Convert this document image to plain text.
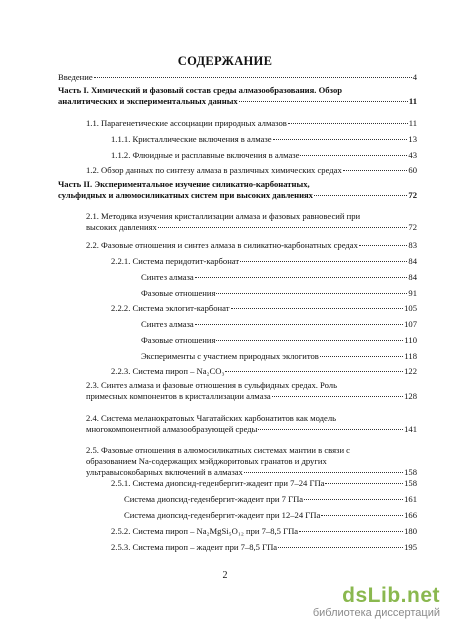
СОДЕРЖАНИЕ
Введение	4
Часть I. Химический и фазовый состав среды алмазообразования. Обзор
аналитических и экспериментальных данных	11
1.1. Парагенетические ассоциации природных алмазов	11
1.1.1. Кристаллические включения в алмазе	13
1.1.2. Флюидные и расплавные включения в алмазе	43
1.2. Обзор данных по синтезу алмаза в различных химических средах	60
Часть II. Экспериментальное изучение силикатно-карбонатных,
сульфидных и алюмосиликатных систем при высоких давлениях	72
2.1. Методика изучения кристаллизации алмаза и фазовых равновесий при
высоких давлениях	72
2.2. Фазовые отношения и синтез алмаза в силикатно-карбонатных средах	83
2.2.1. Система перидотит-карбонат	84
Синтез алмаза	84
Фазовые отношения	91
2.2.2. Система эклогит-карбонат	105
Синтез алмаза	107
Фазовые отношения	110
Эксперименты с участием природных эклогитов	118
2.2.3. Система пироп – Na₂CO₃	122
2.3. Синтез алмаза и фазовые отношения в сульфидных средах. Роль
примесных компонентов в кристаллизации алмаза	128
2.4. Система меланократовых Чагатайских карбонатитов как модель
многокомпонентной алмазообразующей среды	141
2.5. Фазовые отношения в алюмосиликатных системах мантии в связи с
образованием Na-содержащих мэйджоритовых гранатов и других
ультравысокобарных включений в алмазах	158
2.5.1. Система диопсид-геденбергит-жадеит при 7–24 ГПа	158
Система диопсид-геденбергит-жадеит при 7 ГПа	161
Система диопсид-геденбергит-жадеит при 12–24 ГПа	166
2.5.2. Система пироп – Na₂MgSi₅O₁₂ при 7–8,5 ГПа	180
2.5.3. Система пироп – жадеит при 7–8,5 ГПа	195
2
dsLib.net
библиотека диссертаций
